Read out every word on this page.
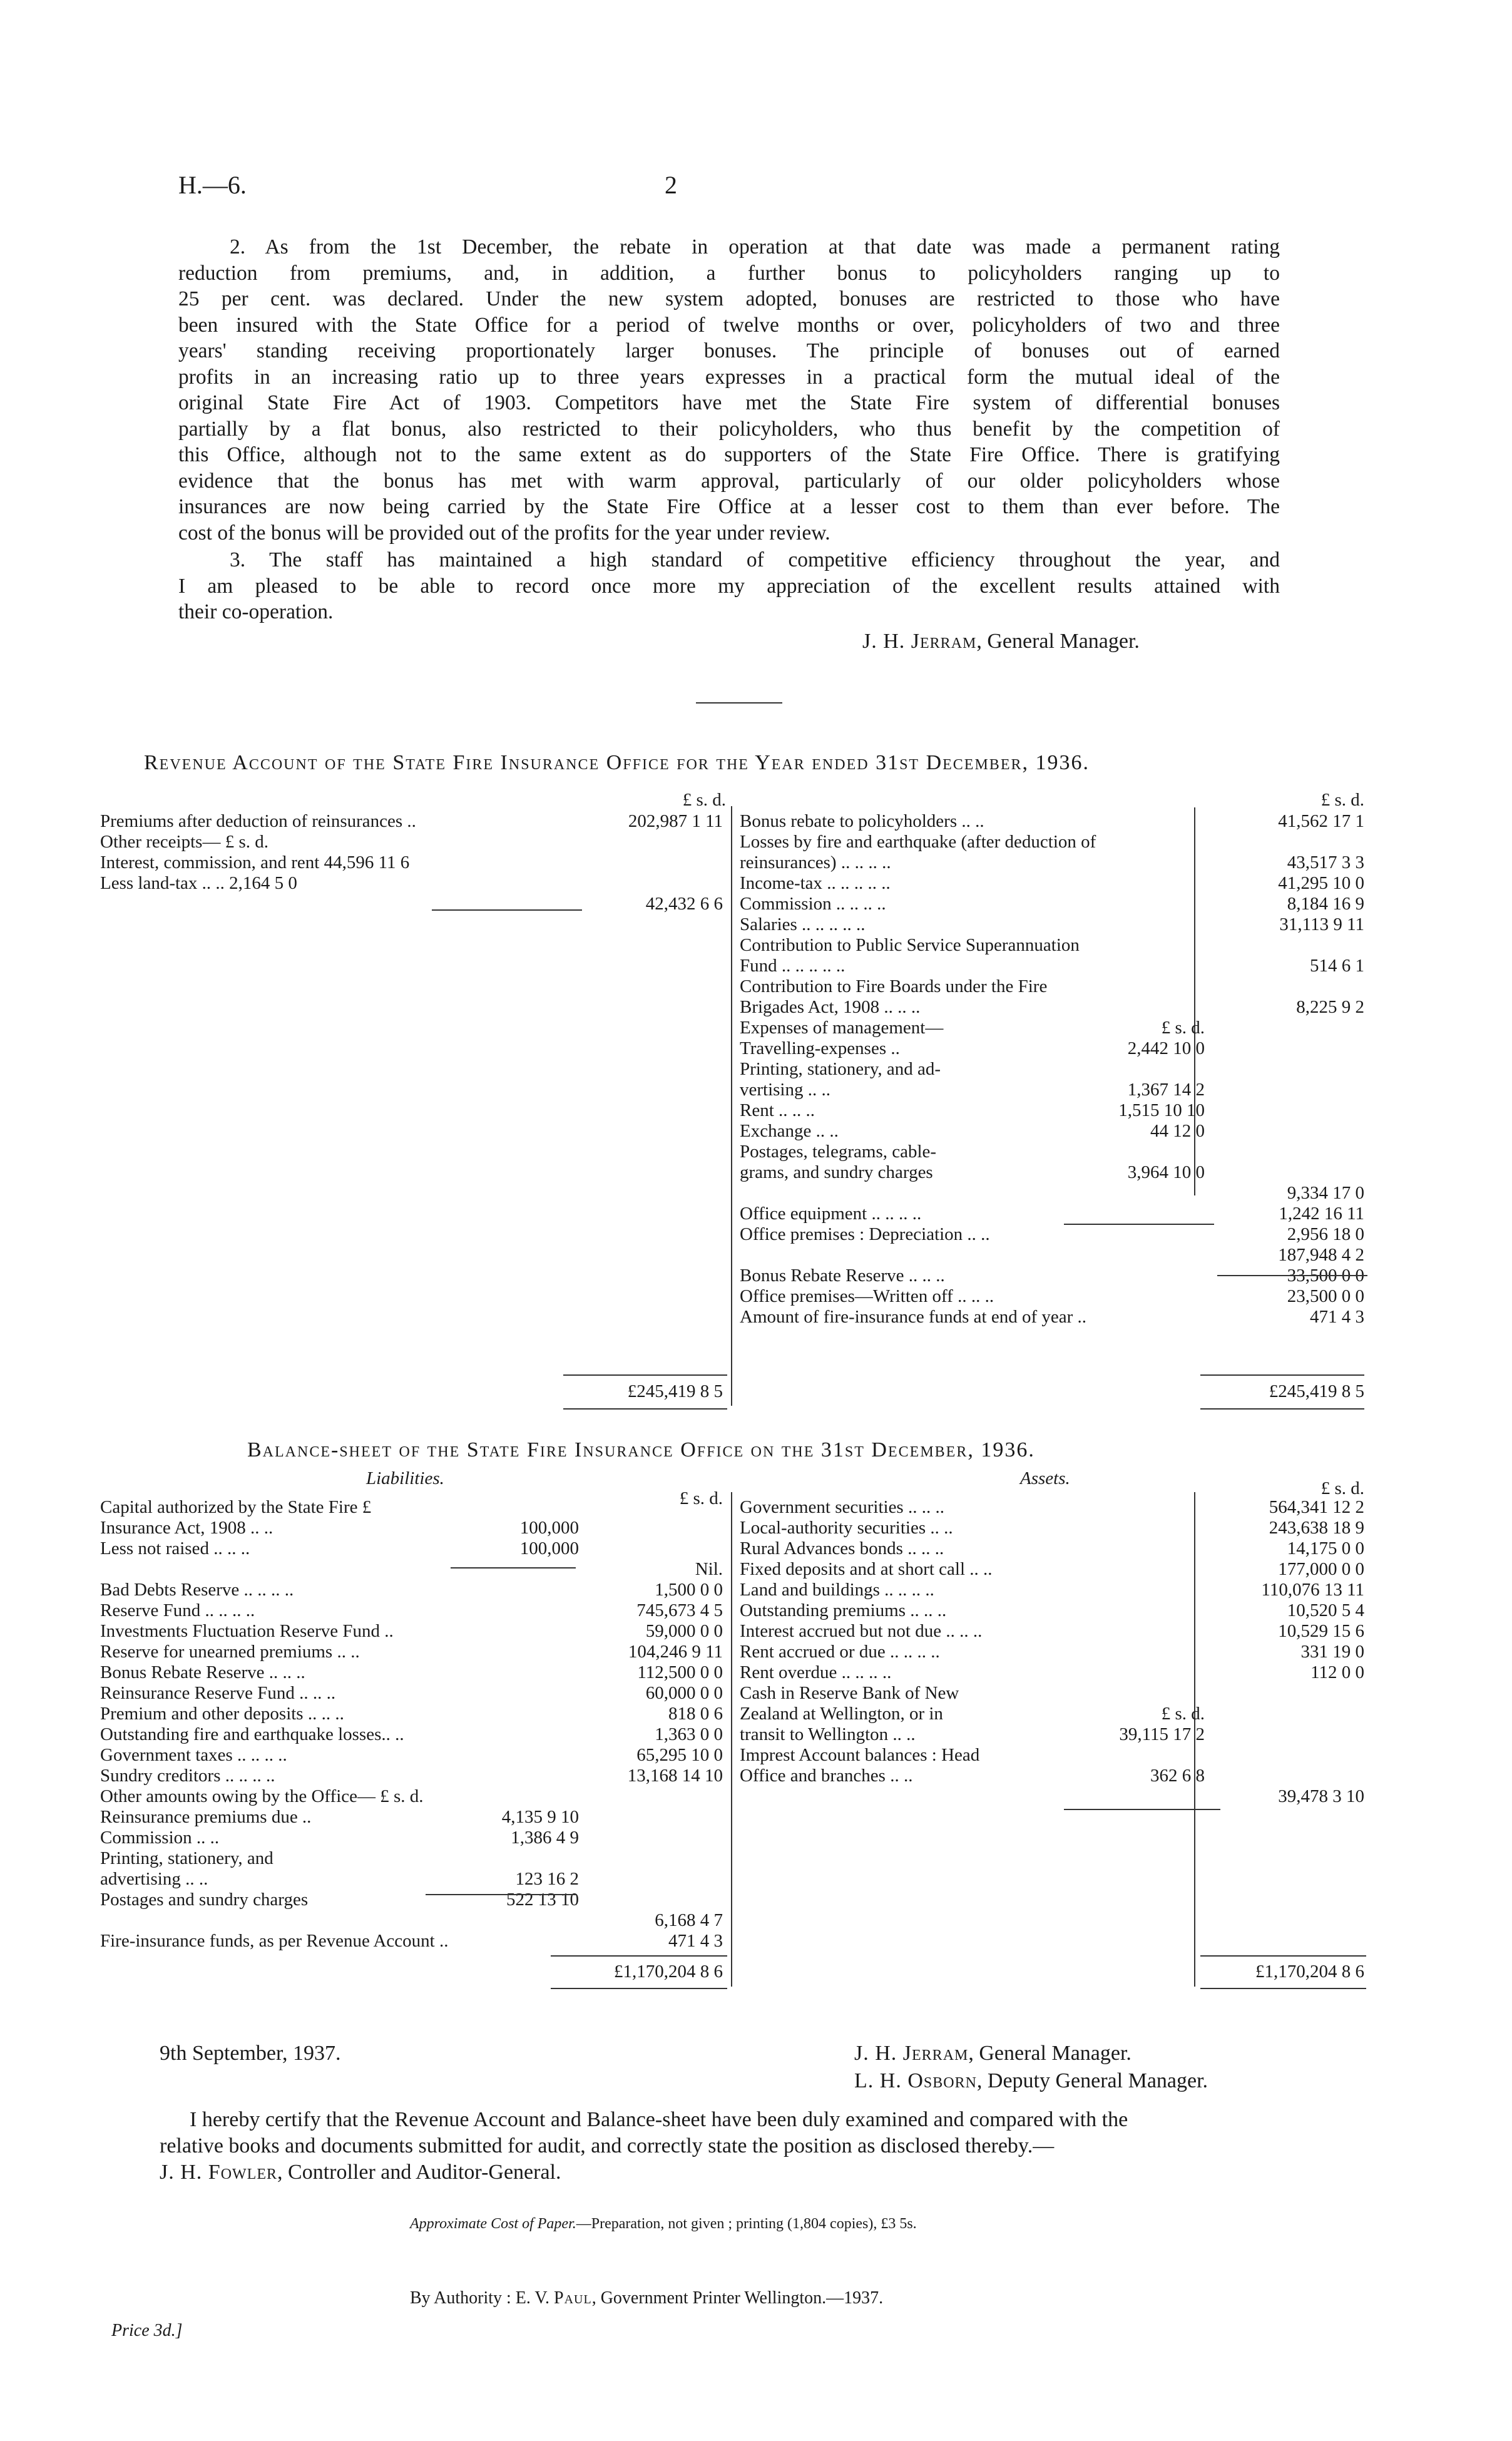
H.—6.	2
2. As from the 1st December, the rebate in operation at that date was made a permanent rating
reduction from premiums, and, in addition, a further bonus to policyholders ranging up to
25 per cent. was declared. Under the new system adopted, bonuses are restricted to those who have
been insured with the State Office for a period of twelve months or over, policyholders of two and three
years' standing receiving proportionately larger bonuses. The principle of bonuses out of earned
profits in an increasing ratio up to three years expresses in a practical form the mutual ideal of the
original State Fire Act of 1903. Competitors have met the State Fire system of differential bonuses
partially by a flat bonus, also restricted to their policyholders, who thus benefit by the competition of
this Office, although not to the same extent as do supporters of the State Fire Office. There is gratifying
evidence that the bonus has met with warm approval, particularly of our older policyholders whose
insurances are now being carried by the State Fire Office at a lesser cost to them than ever before. The
cost of the bonus will be provided out of the profits for the year under review.
3. The staff has maintained a high standard of competitive efficiency throughout the year, and
I am pleased to be able to record once more my appreciation of the excellent results attained with
their co-operation.
J. H. Jerram, General Manager.
Revenue Account of the State Fire Insurance Office for the Year ended 31st December, 1936.
£ s. d.	£ s. d.
Premiums after deduction of reinsurances ..	202,987 1 11
Other receipts— £ s. d.
Interest, commission, and rent 44,596 11 6
Less land-tax .. .. 2,164 5 0
42,432 6 6
Bonus rebate to policyholders .. ..	41,562 17 1
Losses by fire and earthquake (after deduction of
reinsurances) .. .. .. ..	43,517 3 3
Income-tax .. .. .. .. ..	41,295 10 0
Commission .. .. .. ..	8,184 16 9
Salaries .. .. .. .. ..	31,113 9 11
Contribution to Public Service Superannuation
Fund .. .. .. .. ..	514 6 1
Contribution to Fire Boards under the Fire
Brigades Act, 1908 .. .. ..	8,225 9 2
Expenses of management—	£ s. d.
Travelling-expenses ..	2,442 10 0
Printing, stationery, and ad-
vertising .. ..	1,367 14 2
Rent .. .. ..	1,515 10 10
Exchange .. ..	44 12 0
Postages, telegrams, cable-
grams, and sundry charges	3,964 10 0
9,334 17 0
Office equipment .. .. .. ..	1,242 16 11
Office premises : Depreciation .. ..	2,956 18 0
187,948 4 2
Bonus Rebate Reserve .. .. ..	33,500 0 0
Office premises—Written off .. .. ..	23,500 0 0
Amount of fire-insurance funds at end of year ..	471 4 3
£245,419 8 5	£245,419 8 5
Balance-sheet of the State Fire Insurance Office on the 31st December, 1936.
Liabilities.	Assets.
£ s. d.	£ s. d.
Capital authorized by the State Fire £
Insurance Act, 1908 .. ..	100,000
Less not raised .. .. ..	100,000
Nil.
Bad Debts Reserve .. .. .. ..	1,500 0 0
Reserve Fund .. .. .. ..	745,673 4 5
Investments Fluctuation Reserve Fund ..	59,000 0 0
Reserve for unearned premiums .. ..	104,246 9 11
Bonus Rebate Reserve .. .. ..	112,500 0 0
Reinsurance Reserve Fund .. .. ..	60,000 0 0
Premium and other deposits .. .. ..	818 0 6
Outstanding fire and earthquake losses.. ..	1,363 0 0
Government taxes .. .. .. ..	65,295 10 0
Sundry creditors .. .. .. ..	13,168 14 10
Other amounts owing by the Office— £ s. d.
Reinsurance premiums due ..	4,135 9 10
Commission .. ..	1,386 4 9
Printing, stationery, and
advertising .. ..	123 16 2
Postages and sundry charges	522 13 10
6,168 4 7
Fire-insurance funds, as per Revenue Account ..	471 4 3
Government securities .. .. ..	564,341 12 2
Local-authority securities .. ..	243,638 18 9
Rural Advances bonds .. .. ..	14,175 0 0
Fixed deposits and at short call .. ..	177,000 0 0
Land and buildings .. .. .. ..	110,076 13 11
Outstanding premiums .. .. ..	10,520 5 4
Interest accrued but not due .. .. ..	10,529 15 6
Rent accrued or due .. .. .. ..	331 19 0
Rent overdue .. .. .. ..	112 0 0
Cash in Reserve Bank of New
Zealand at Wellington, or in	£ s. d.
transit to Wellington .. ..	39,115 17 2
Imprest Account balances : Head
Office and branches .. ..	362 6 8
39,478 3 10
£1,170,204 8 6	£1,170,204 8 6
9th September, 1937.	J. H. Jerram, General Manager.
L. H. Osborn, Deputy General Manager.
I hereby certify that the Revenue Account and Balance-sheet have been duly examined and compared with the
relative books and documents submitted for audit, and correctly state the position as disclosed thereby.—
J. H. Fowler, Controller and Auditor-General.
Approximate Cost of Paper.—Preparation, not given ; printing (1,804 copies), £3 5s.
By Authority : E. V. Paul, Government Printer Wellington.—1937.
Price 3d.]
